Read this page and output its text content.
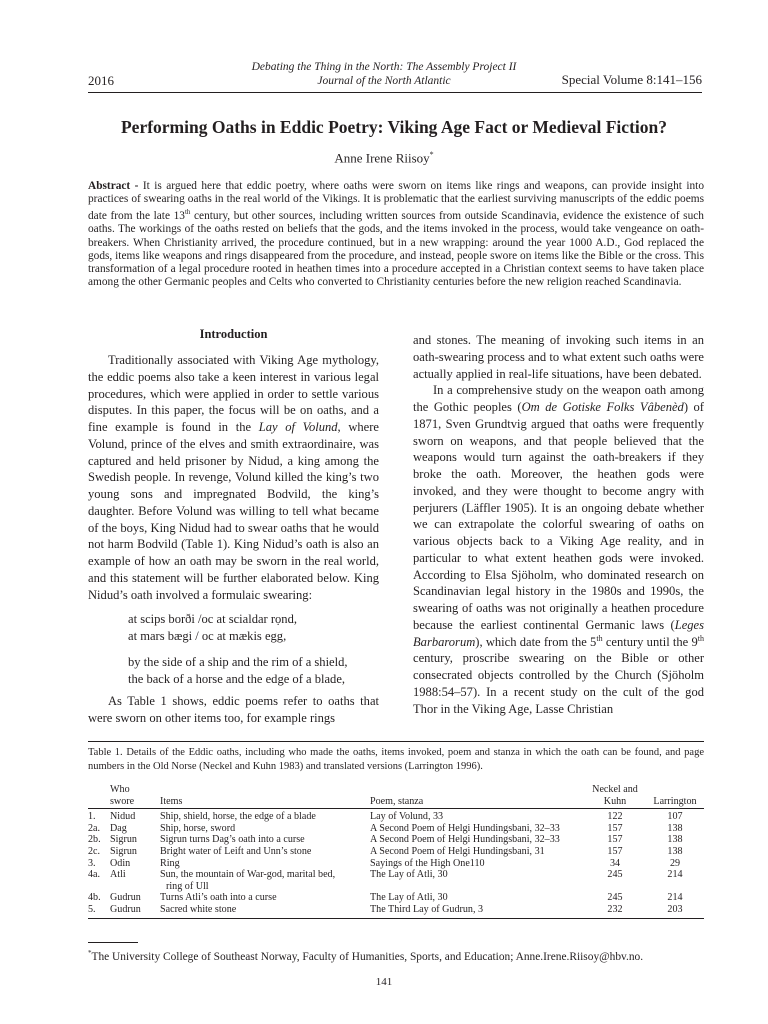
Debating the Thing in the North: The Assembly Project II
2016	Journal of the North Atlantic	Special Volume 8:141–156
Performing Oaths in Eddic Poetry: Viking Age Fact or Medieval Fiction?
Anne Irene Riisoy*
Abstract - It is argued here that eddic poetry, where oaths were sworn on items like rings and weapons, can provide insight into practices of swearing oaths in the real world of the Vikings. It is problematic that the earliest surviving manuscripts of the eddic poems date from the late 13th century, but other sources, including written sources from outside Scandinavia, evidence the existence of such oaths. The workings of the oaths rested on beliefs that the gods, and the items invoked in the process, would take vengeance on oath-breakers. When Christianity arrived, the procedure continued, but in a new wrapping: around the year 1000 A.D., God replaced the gods, items like weapons and rings disappeared from the procedure, and instead, people swore on items like the Bible or the cross. This transformation of a legal procedure rooted in heathen times into a procedure accepted in a Christian context seems to have taken place among the other Germanic peoples and Celts who converted to Christianity centuries before the new religion reached Scandinavia.
Introduction

Traditionally associated with Viking Age mythology, the eddic poems also take a keen interest in various legal procedures, which were applied in order to settle various disputes. In this paper, the focus will be on oaths, and a fine example is found in the Lay of Volund, where Volund, prince of the elves and smith extraordinaire, was captured and held prisoner by Nidud, a king among the Swedish people. In revenge, Volund killed the king’s two young sons and impregnated Bodvild, the king’s daughter. Before Volund was willing to tell what became of the boys, King Nidud had to swear oaths that he would not harm Bodvild (Table 1). King Nidud’s oath is also an example of how an oath may be sworn in the real world, and this statement will be further elaborated below. King Nidud’s oath involved a formulaic swearing:

at scips borði /oc at scialdar rọnd,

at mars bægi / oc at mækis egg,

by the side of a ship and the rim of a shield,

the back of a horse and the edge of a blade,

As Table 1 shows, eddic poems refer to oaths that were sworn on other items too, for example rings

and stones. The meaning of invoking such items in an oath-swearing process and to what extent such oaths were actually applied in real-life situations, have been debated.

In a comprehensive study on the weapon oath among the Gothic peoples (Om de Gotiske Folks Vâbenèd) of 1871, Sven Grundtvig argued that oaths were frequently sworn on weapons, and that people believed that the weapons would turn against the oath-breakers if they broke the oath. Moreover, the heathen gods were invoked, and they were thought to become angry with perjurers (Läffler 1905). It is an ongoing debate whether we can extrapolate the colorful swearing of oaths on various objects back to a Viking Age reality, and in particular to what extent heathen gods were invoked. According to Elsa Sjöholm, who dominated research on Scandinavian legal history in the 1980s and 1990s, the swearing of oaths was not originally a heathen procedure because the earliest continental Germanic laws (Leges Barbarorum), which date from the 5th century until the 9th century, proscribe swearing on the Bible or other consecrated objects controlled by the Church (Sjöholm 1988:54–57). In a recent study on the cult of the god Thor in the Viking Age, Lasse Christian

Table 1. Details of the Eddic oaths, including who made the oaths, items invoked, poem and stanza in which the oath can be found, and page numbers in the Old Norse (Neckel and Kuhn 1983) and translated versions (Larrington 1996).
	Who
swore	Items	Poem, stanza	Neckel and
Kuhn	Larrington
1.	Nidud	Ship, shield, horse, the edge of a blade	Lay of Volund, 33	122	107
2a.	Dag	Ship, horse, sword	A Second Poem of Helgi Hundingsbani, 32–33	157	138
2b.	Sigrun	Sigrun turns Dag’s oath into a curse	A Second Poem of Helgi Hundingsbani, 32–33	157	138
2c.	Sigrun	Bright water of Leift and Unn’s stone	A Second Poem of Helgi Hundingsbani, 31	157	138
3.	Odin	Ring	Sayings of the High One110	34	29
4a.	Atli	Sun, the mountain of War-god, marital bed,
ring of Ull	The Lay of Atli, 30	245	214
4b.	Gudrun	Turns Atli’s oath into a curse	The Lay of Atli, 30	245	214
5.	Gudrun	Sacred white stone	The Third Lay of Gudrun, 3	232	203
*The University College of Southeast Norway, Faculty of Humanities, Sports, and Education; Anne.Irene.Riisoy@hbv.no.
141
